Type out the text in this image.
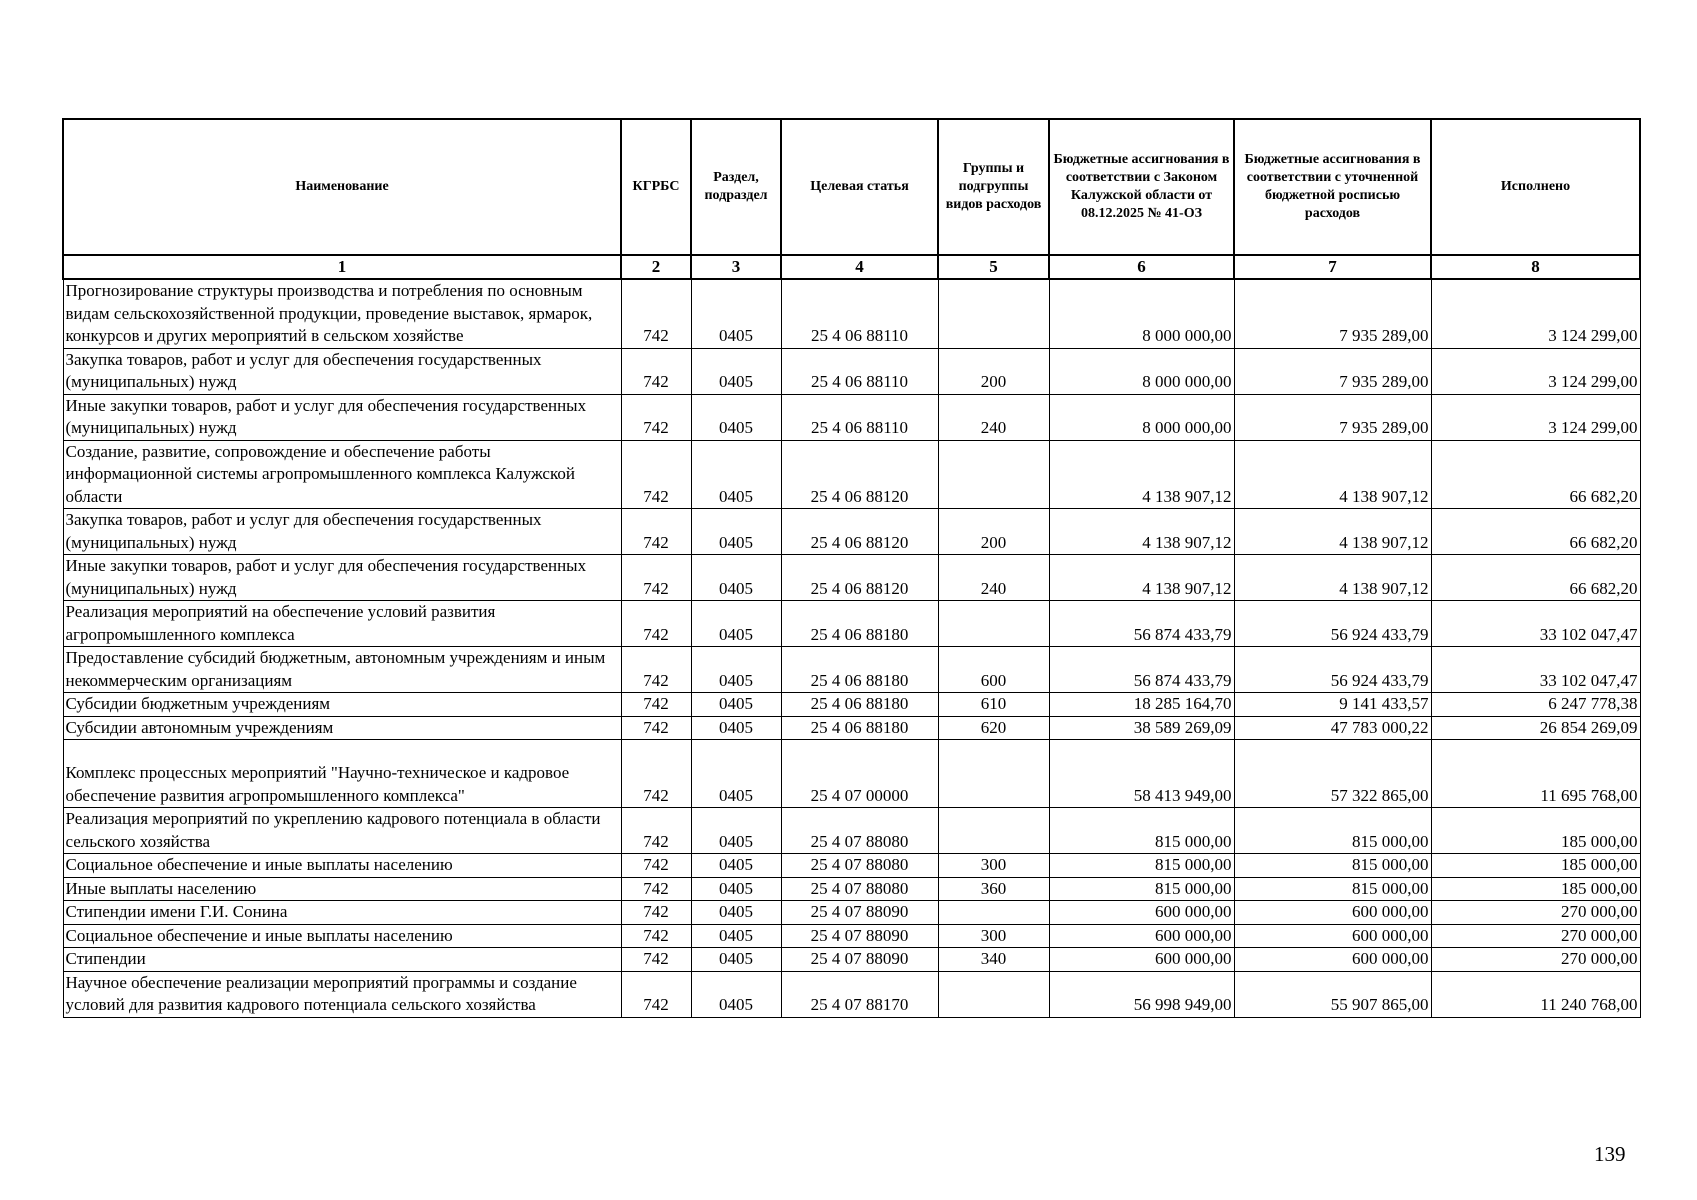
Наименование	КГРБС	Раздел, подраздел	Целевая статья	Группы и подгруппы видов расходов	Бюджетные ассигнования в соответствии с Законом Калужской области от 08.12.2025 № 41-ОЗ	Бюджетные ассигнования в соответствии с уточненной бюджетной росписью расходов	Исполнено
1	2	3	4	5	6	7	8
Прогнозирование структуры производства и потребления по основным видам сельскохозяйственной продукции, проведение выставок, ярмарок, конкурсов и других мероприятий в сельском хозяйстве	742	0405	25 4 06 88110		8 000 000,00	7 935 289,00	3 124 299,00
Закупка товаров, работ и услуг для обеспечения государственных (муниципальных) нужд	742	0405	25 4 06 88110	200	8 000 000,00	7 935 289,00	3 124 299,00
Иные закупки товаров, работ и услуг для обеспечения государственных (муниципальных) нужд	742	0405	25 4 06 88110	240	8 000 000,00	7 935 289,00	3 124 299,00
Создание, развитие, сопровождение и обеспечение работы информационной системы агропромышленного комплекса Калужской области	742	0405	25 4 06 88120		4 138 907,12	4 138 907,12	66 682,20
Закупка товаров, работ и услуг для обеспечения государственных (муниципальных) нужд	742	0405	25 4 06 88120	200	4 138 907,12	4 138 907,12	66 682,20
Иные закупки товаров, работ и услуг для обеспечения государственных (муниципальных) нужд	742	0405	25 4 06 88120	240	4 138 907,12	4 138 907,12	66 682,20
Реализация мероприятий на обеспечение условий развития агропромышленного комплекса	742	0405	25 4 06 88180		56 874 433,79	56 924 433,79	33 102 047,47
Предоставление субсидий бюджетным, автономным учреждениям и иным некоммерческим организациям	742	0405	25 4 06 88180	600	56 874 433,79	56 924 433,79	33 102 047,47
Субсидии бюджетным учреждениям	742	0405	25 4 06 88180	610	18 285 164,70	9 141 433,57	6 247 778,38
Субсидии автономным учреждениям	742	0405	25 4 06 88180	620	38 589 269,09	47 783 000,22	26 854 269,09
Комплекс процессных мероприятий "Научно-техническое и кадровое обеспечение развития агропромышленного комплекса"	742	0405	25 4 07 00000		58 413 949,00	57 322 865,00	11 695 768,00
Реализация мероприятий по укреплению кадрового потенциала в области сельского хозяйства	742	0405	25 4 07 88080		815 000,00	815 000,00	185 000,00
Социальное обеспечение и иные выплаты населению	742	0405	25 4 07 88080	300	815 000,00	815 000,00	185 000,00
Иные выплаты населению	742	0405	25 4 07 88080	360	815 000,00	815 000,00	185 000,00
Стипендии имени Г.И. Сонина	742	0405	25 4 07 88090		600 000,00	600 000,00	270 000,00
Социальное обеспечение и иные выплаты населению	742	0405	25 4 07 88090	300	600 000,00	600 000,00	270 000,00
Стипендии	742	0405	25 4 07 88090	340	600 000,00	600 000,00	270 000,00
Научное обеспечение реализации мероприятий программы и создание условий для развития кадрового потенциала сельского хозяйства	742	0405	25 4 07 88170		56 998 949,00	55 907 865,00	11 240 768,00
139
